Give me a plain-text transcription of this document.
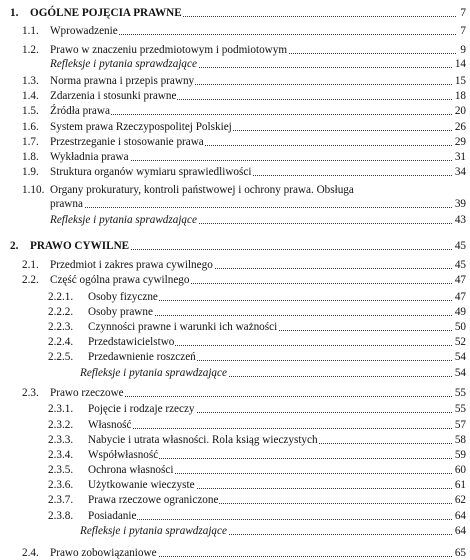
1. OGÓLNE POJĘCIA PRAWNE	7
1.1. Wprowadzenie	7
1.2. Prawo w znaczeniu przedmiotowym i podmiotowym	9
Refleksje i pytania sprawdzające	14
1.3. Norma prawna i przepis prawny	15
1.4. Zdarzenia i stosunki prawne	18
1.5. Źródła prawa	20
1.6. System prawa Rzeczypospolitej Polskiej	26
1.7. Przestrzeganie i stosowanie prawa	29
1.8. Wykładnia prawa	31
1.9. Struktura organów wymiaru sprawiedliwości	34
1.10. Organy prokuratury, kontroli państwowej i ochrony prawa. Obsługa
prawna	39
Refleksje i pytania sprawdzające	43
2. PRAWO CYWILNE	45
2.1. Przedmiot i zakres prawa cywilnego	45
2.2. Część ogólna prawa cywilnego	47
2.2.1. Osoby fizyczne	47
2.2.2. Osoby prawne	49
2.2.3. Czynności prawne i warunki ich ważności	50
2.2.4. Przedstawicielstwo	52
2.2.5. Przedawnienie roszczeń	54
Refleksje i pytania sprawdzające	54
2.3. Prawo rzeczowe	55
2.3.1. Pojęcie i rodzaje rzeczy	55
2.3.2. Własność	57
2.3.3. Nabycie i utrata własności. Rola ksiąg wieczystych	58
2.3.4. Współwłasność	59
2.3.5. Ochrona własności	60
2.3.6. Użytkowanie wieczyste	61
2.3.7. Prawa rzeczowe ograniczone	62
2.3.8. Posiadanie	64
Refleksje i pytania sprawdzające	64
2.4. Prawo zobowiązaniowe	65
